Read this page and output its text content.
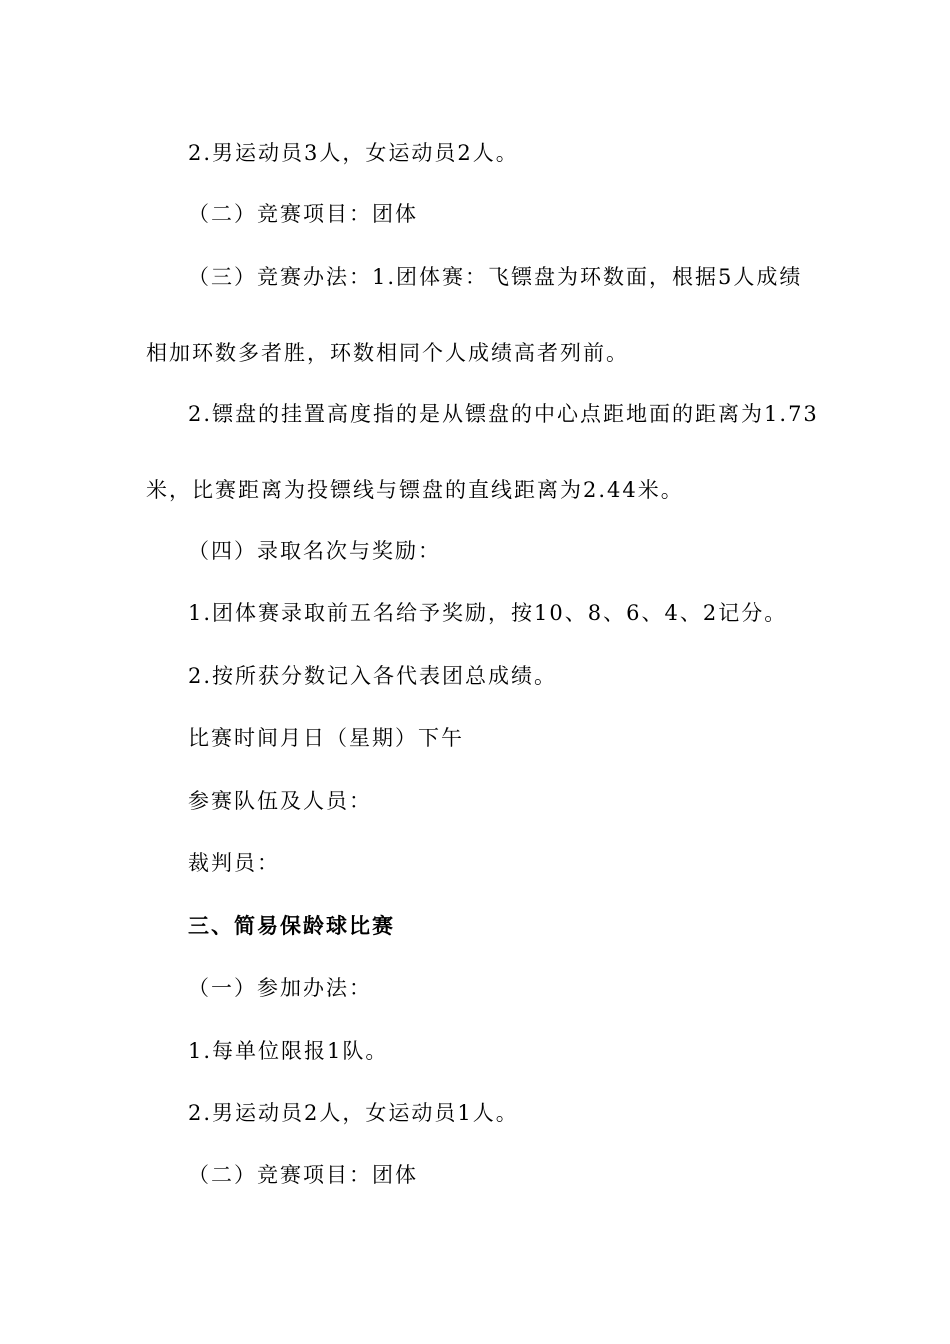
2.男运动员3人，女运动员2人。

（二）竞赛项目：团体

（三）竞赛办法：1.团体赛：飞镖盘为环数面，根据5人成绩

相加环数多者胜，环数相同个人成绩高者列前。

2.镖盘的挂置高度指的是从镖盘的中心点距地面的距离为1.73

米，比赛距离为投镖线与镖盘的直线距离为2.44米。

（四）录取名次与奖励：

1.团体赛录取前五名给予奖励，按10、8、6、4、2记分。

2.按所获分数记入各代表团总成绩。

比赛时间月日（星期）下午

参赛队伍及人员：

裁判员：

三、简易保龄球比赛

（一）参加办法：

1.每单位限报1队。

2.男运动员2人，女运动员1人。

（二）竞赛项目：团体
